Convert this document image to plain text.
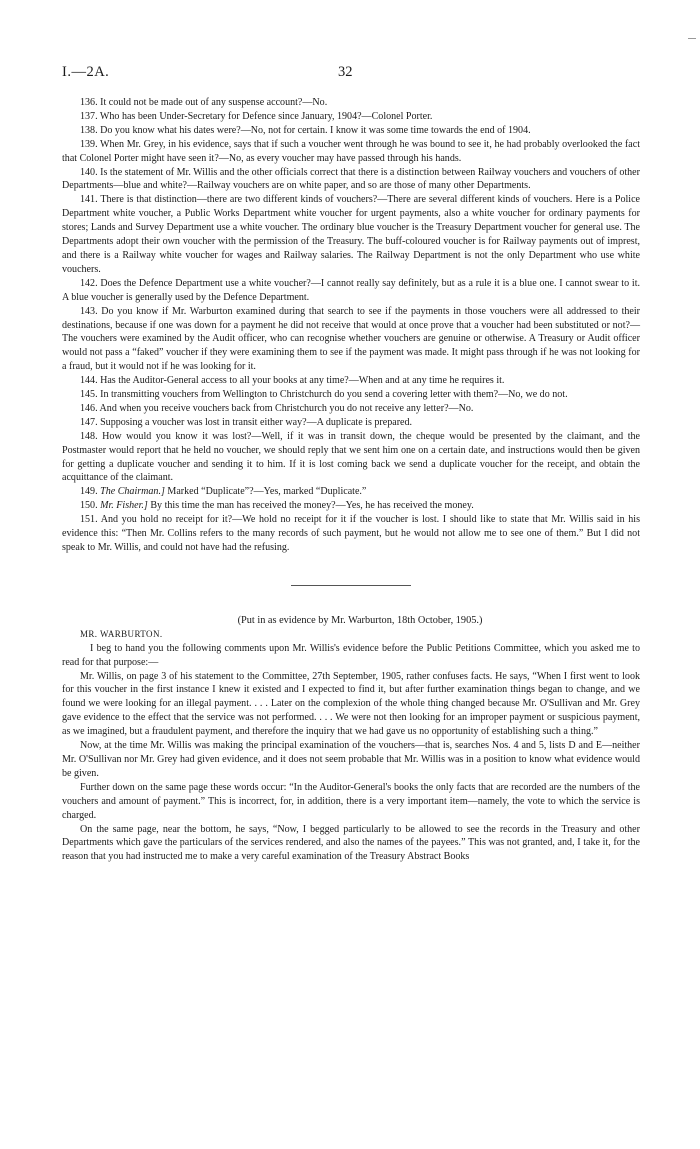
I.—2A.	32

136. It could not be made out of any suspense account?—No.

137. Who has been Under-Secretary for Defence since January, 1904?—Colonel Porter.

138. Do you know what his dates were?—No, not for certain. I know it was some time towards the end of 1904.

139. When Mr. Grey, in his evidence, says that if such a voucher went through he was bound to see it, he had probably overlooked the fact that Colonel Porter might have seen it?—No, as every voucher may have passed through his hands.

140. Is the statement of Mr. Willis and the other officials correct that there is a distinction between Railway vouchers and vouchers of other Departments—blue and white?—Railway vouchers are on white paper, and so are those of many other Departments.

141. There is that distinction—there are two different kinds of vouchers?—There are several different kinds of vouchers. Here is a Police Department white voucher, a Public Works Department white voucher for urgent payments, also a white voucher for ordinary payments for stores; Lands and Survey Department use a white voucher. The ordinary blue voucher is the Treasury Department voucher for general use. The Departments adopt their own voucher with the permission of the Treasury. The buff-coloured voucher is for Railway payments out of imprest, and there is a Railway white voucher for wages and Railway salaries. The Railway Department is not the only Department who use white vouchers.

142. Does the Defence Department use a white voucher?—I cannot really say definitely, but as a rule it is a blue one. I cannot swear to it. A blue voucher is generally used by the Defence Department.

143. Do you know if Mr. Warburton examined during that search to see if the payments in those vouchers were all addressed to their destinations, because if one was down for a payment he did not receive that would at once prove that a voucher had been substituted or not?—The vouchers were examined by the Audit officer, who can recognise whether vouchers are genuine or otherwise. A Treasury or Audit officer would not pass a “faked” voucher if they were examining them to see if the payment was made. It might pass through if he was not looking for a fraud, but it would not if he was looking for it.

144. Has the Auditor-General access to all your books at any time?—When and at any time he requires it.

145. In transmitting vouchers from Wellington to Christchurch do you send a covering letter with them?—No, we do not.

146. And when you receive vouchers back from Christchurch you do not receive any letter?—No.

147. Supposing a voucher was lost in transit either way?—A duplicate is prepared.

148. How would you know it was lost?—Well, if it was in transit down, the cheque would be presented by the claimant, and the Postmaster would report that he held no voucher, we should reply that we sent him one on a certain date, and instructions would then be given for getting a duplicate voucher and sending it to him. If it is lost coming back we send a duplicate voucher for the receipt, and obtain the acquittance of the claimant.

149. The Chairman.] Marked “Duplicate”?—Yes, marked “Duplicate.”

150. Mr. Fisher.] By this time the man has received the money?—Yes, he has received the money.

151. And you hold no receipt for it?—We hold no receipt for it if the voucher is lost. I should like to state that Mr. Willis said in his evidence this: “Then Mr. Collins refers to the many records of such payment, but he would not allow me to see one of them.” But I did not speak to Mr. Willis, and could not have had the refusing.

(Put in as evidence by Mr. Warburton, 18th October, 1905.)

MR. WARBURTON.

I beg to hand you the following comments upon Mr. Willis's evidence before the Public Petitions Committee, which you asked me to read for that purpose:—

Mr. Willis, on page 3 of his statement to the Committee, 27th September, 1905, rather confuses facts. He says, “When I first went to look for this voucher in the first instance I knew it existed and I expected to find it, but after further examination things began to change, and we found we were looking for an illegal payment. . . . Later on the complexion of the whole thing changed because Mr. O'Sullivan and Mr. Grey gave evidence to the effect that the service was not performed. . . . We were not then looking for an improper payment or suspicious payment, as we imagined, but a fraudulent payment, and therefore the inquiry that we had gave us no opportunity of establishing such a thing.”

Now, at the time Mr. Willis was making the principal examination of the vouchers—that is, searches Nos. 4 and 5, lists D and E—neither Mr. O'Sullivan nor Mr. Grey had given evidence, and it does not seem probable that Mr. Willis was in a position to know what evidence would be given.

Further down on the same page these words occur: “In the Auditor-General's books the only facts that are recorded are the numbers of the vouchers and amount of payment.” This is incorrect, for, in addition, there is a very important item—namely, the vote to which the service is charged.

On the same page, near the bottom, he says, “Now, I begged particularly to be allowed to see the records in the Treasury and other Departments which gave the particulars of the services rendered, and also the names of the payees.” This was not granted, and, I take it, for the reason that you had instructed me to make a very careful examination of the Treasury Abstract Books
